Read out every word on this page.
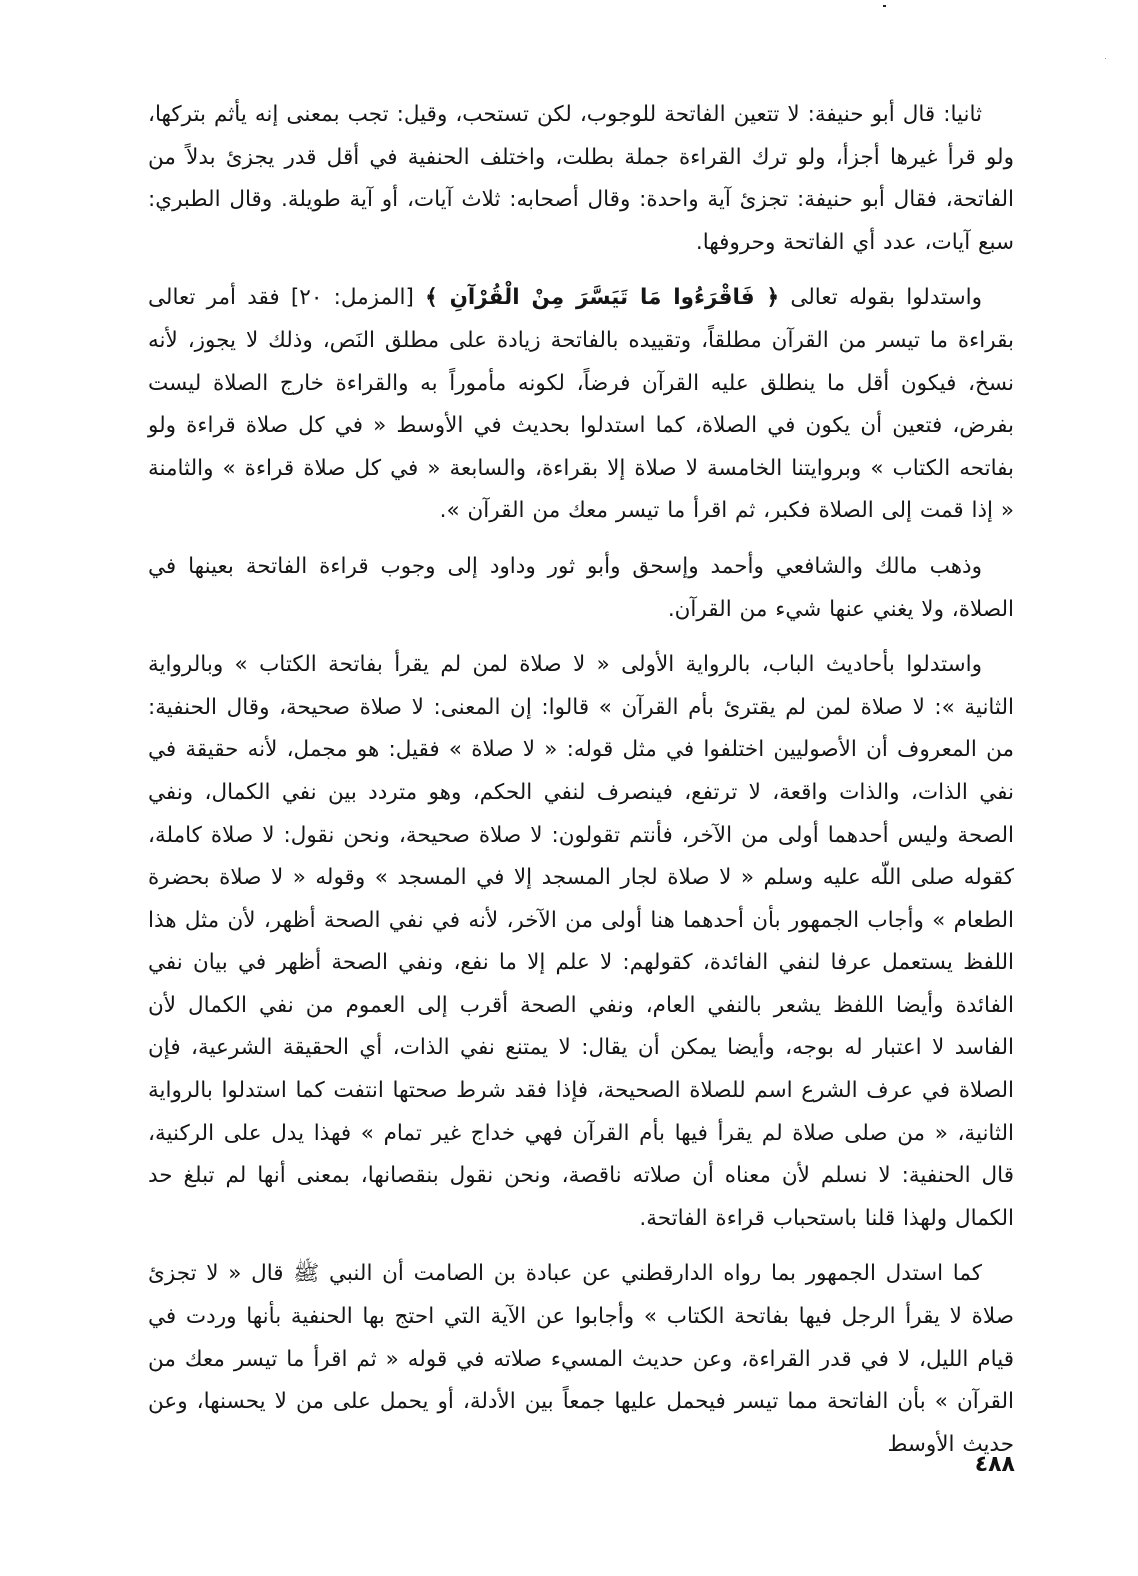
ثانيا: قال أبو حنيفة: لا تتعين الفاتحة للوجوب، لكن تستحب، وقيل: تجب بمعنى إنه يأثم بتركها، ولو قرأ غيرها أجزأ، ولو ترك القراءة جملة بطلت، واختلف الحنفية في أقل قدر يجزئ بدلاً من الفاتحة، فقال أبو حنيفة: تجزئ آية واحدة: وقال أصحابه: ثلاث آيات، أو آية طويلة. وقال الطبري: سبع آيات، عدد أي الفاتحة وحروفها.

واستدلوا بقوله تعالى ﴿ فَاقْرَءُوا مَا تَيَسَّرَ مِنْ الْقُرْآنِ ﴾ [المزمل: ٢٠] فقد أمر تعالى بقراءة ما تيسر من القرآن مطلقاً، وتقييده بالفاتحة زيادة على مطلق النَص، وذلك لا يجوز، لأنه نسخ، فيكون أقل ما ينطلق عليه القرآن فرضاً، لكونه مأموراً به والقراءة خارج الصلاة ليست بفرض، فتعين أن يكون في الصلاة، كما استدلوا بحديث في الأوسط « في كل صلاة قراءة ولو بفاتحه الكتاب » وبروايتنا الخامسة لا صلاة إلا بقراءة، والسابعة « في كل صلاة قراءة » والثامنة « إذا قمت إلى الصلاة فكبر، ثم اقرأ ما تيسر معك من القرآن ».

وذهب مالك والشافعي وأحمد وإسحق وأبو ثور وداود إلى وجوب قراءة الفاتحة بعينها في الصلاة، ولا يغني عنها شيء من القرآن.

واستدلوا بأحاديث الباب، بالرواية الأولى « لا صلاة لمن لم يقرأ بفاتحة الكتاب » وبالرواية الثانية »: لا صلاة لمن لم يقترئ بأم القرآن » قالوا: إن المعنى: لا صلاة صحيحة، وقال الحنفية: من المعروف أن الأصوليين اختلفوا في مثل قوله: « لا صلاة » فقيل: هو مجمل، لأنه حقيقة في نفي الذات، والذات واقعة، لا ترتفع، فينصرف لنفي الحكم، وهو متردد بين نفي الكمال، ونفي الصحة وليس أحدهما أولى من الآخر، فأنتم تقولون: لا صلاة صحيحة، ونحن نقول: لا صلاة كاملة، كقوله صلى اللّه عليه وسلم « لا صلاة لجار المسجد إلا في المسجد » وقوله « لا صلاة بحضرة الطعام » وأجاب الجمهور بأن أحدهما هنا أولى من الآخر، لأنه في نفي الصحة أظهر، لأن مثل هذا اللفظ يستعمل عرفا لنفي الفائدة، كقولهم: لا علم إلا ما نفع، ونفي الصحة أظهر في بيان نفي الفائدة وأيضا اللفظ يشعر بالنفي العام، ونفي الصحة أقرب إلى العموم من نفي الكمال لأن الفاسد لا اعتبار له بوجه، وأيضا يمكن أن يقال: لا يمتنع نفي الذات، أي الحقيقة الشرعية، فإن الصلاة في عرف الشرع اسم للصلاة الصحيحة، فإذا فقد شرط صحتها انتفت كما استدلوا بالرواية الثانية، « من صلى صلاة لم يقرأ فيها بأم القرآن فهي خداج غير تمام » فهذا يدل على الركنية، قال الحنفية: لا نسلم لأن معناه أن صلاته ناقصة، ونحن نقول بنقصانها، بمعنى أنها لم تبلغ حد الكمال ولهذا قلنا باستحباب قراءة الفاتحة.

كما استدل الجمهور بما رواه الدارقطني عن عبادة بن الصامت أن النبي ﷺ قال « لا تجزئ صلاة لا يقرأ الرجل فيها بفاتحة الكتاب » وأجابوا عن الآية التي احتج بها الحنفية بأنها وردت في قيام الليل، لا في قدر القراءة، وعن حديث المسيء صلاته في قوله « ثم اقرأ ما تيسر معك من القرآن » بأن الفاتحة مما تيسر فيحمل عليها جمعاً بين الأدلة، أو يحمل على من لا يحسنها، وعن حديث الأوسط

٤٨٨
